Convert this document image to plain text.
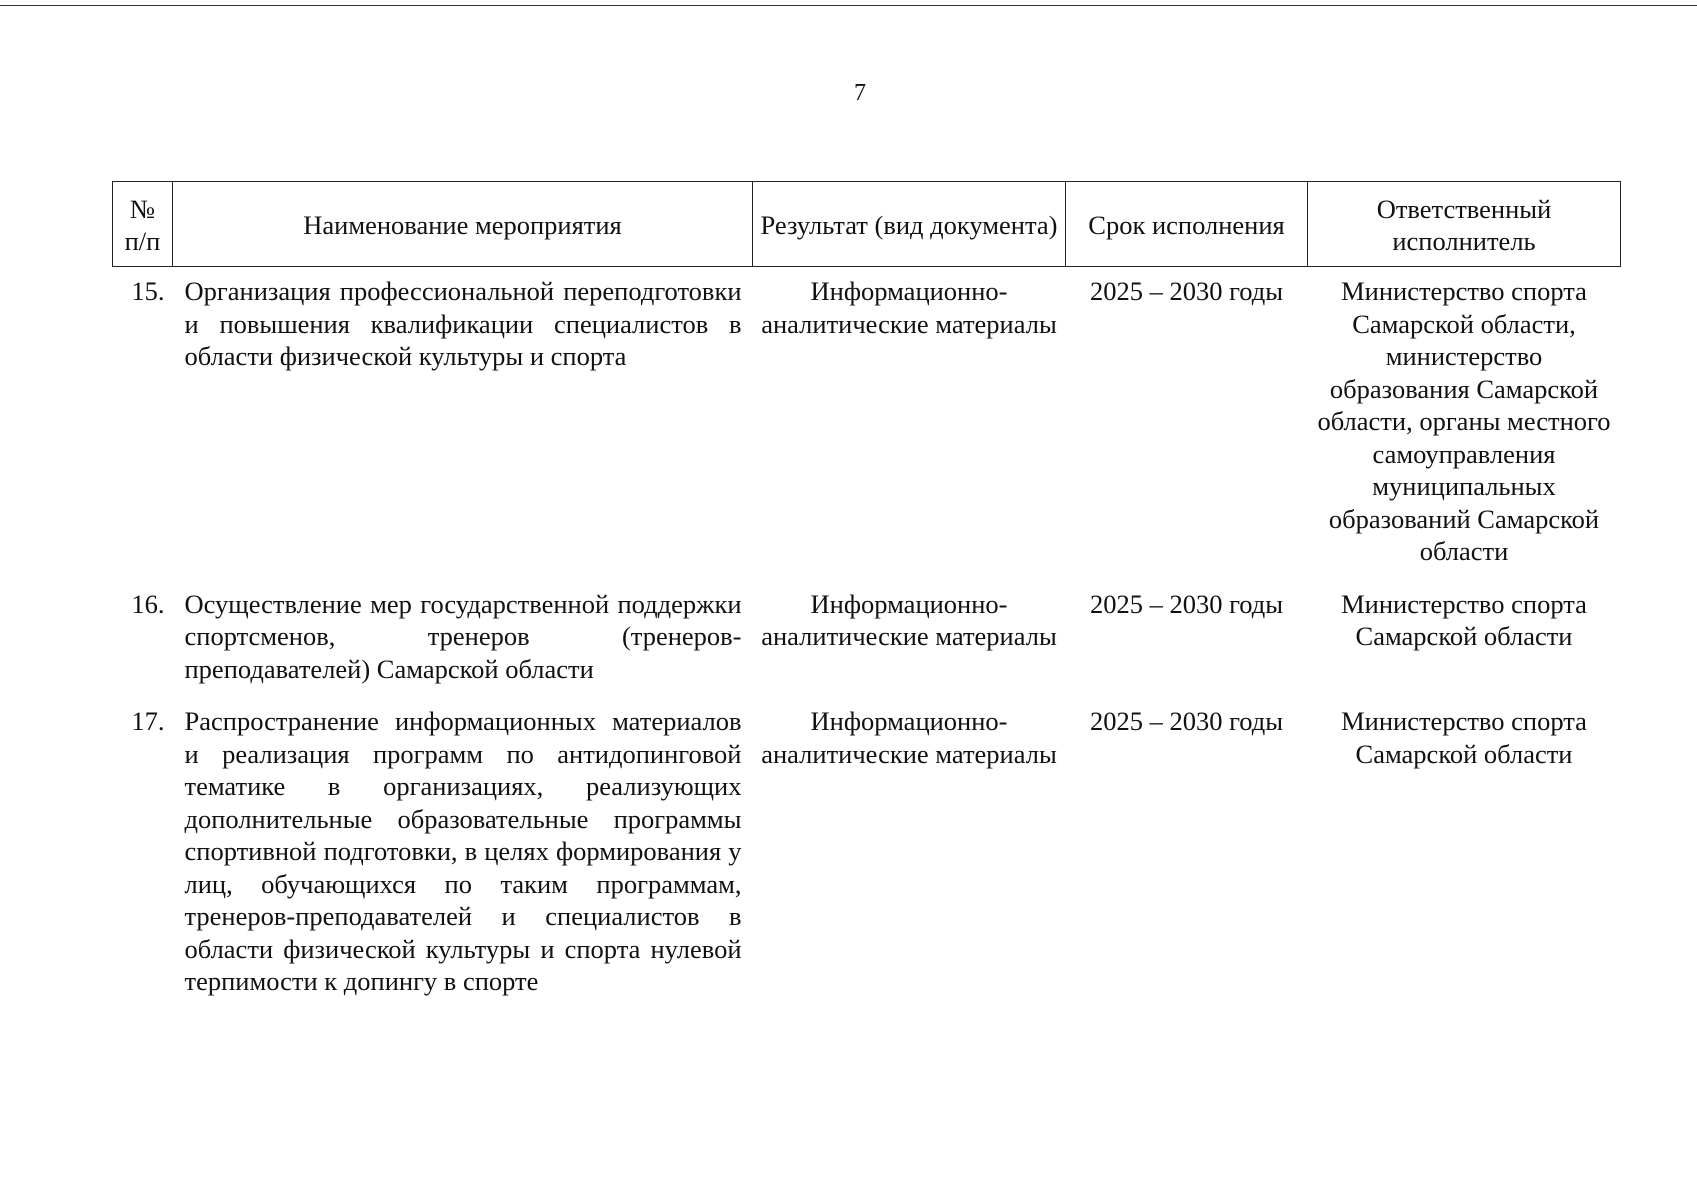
7
№ п/п	Наименование мероприятия	Результат (вид документа)	Срок исполнения	Ответственный исполнитель
15.	Организация профессиональной переподготовки и повышения квалификации специалистов в области физической культуры и спорта	Информационно-аналитические материалы	2025 – 2030 годы	Министерство спорта Самарской области, министерство образования Самарской области, органы местного самоуправления муниципальных образований Самарской области
16.	Осуществление мер государственной поддержки спортсменов, тренеров (тренеров-преподавателей) Самарской области	Информационно-аналитические материалы	2025 – 2030 годы	Министерство спорта Самарской области
17.	Распространение информационных материалов и реализация программ по антидопинговой тематике в организациях, реализующих дополнительные образовательные программы спортивной подготовки, в целях формирования у лиц, обучающихся по таким программам, тренеров-преподавателей и специалистов в области физической культуры и спорта нулевой терпимости к допингу в спорте	Информационно-аналитические материалы	2025 – 2030 годы	Министерство спорта Самарской области
